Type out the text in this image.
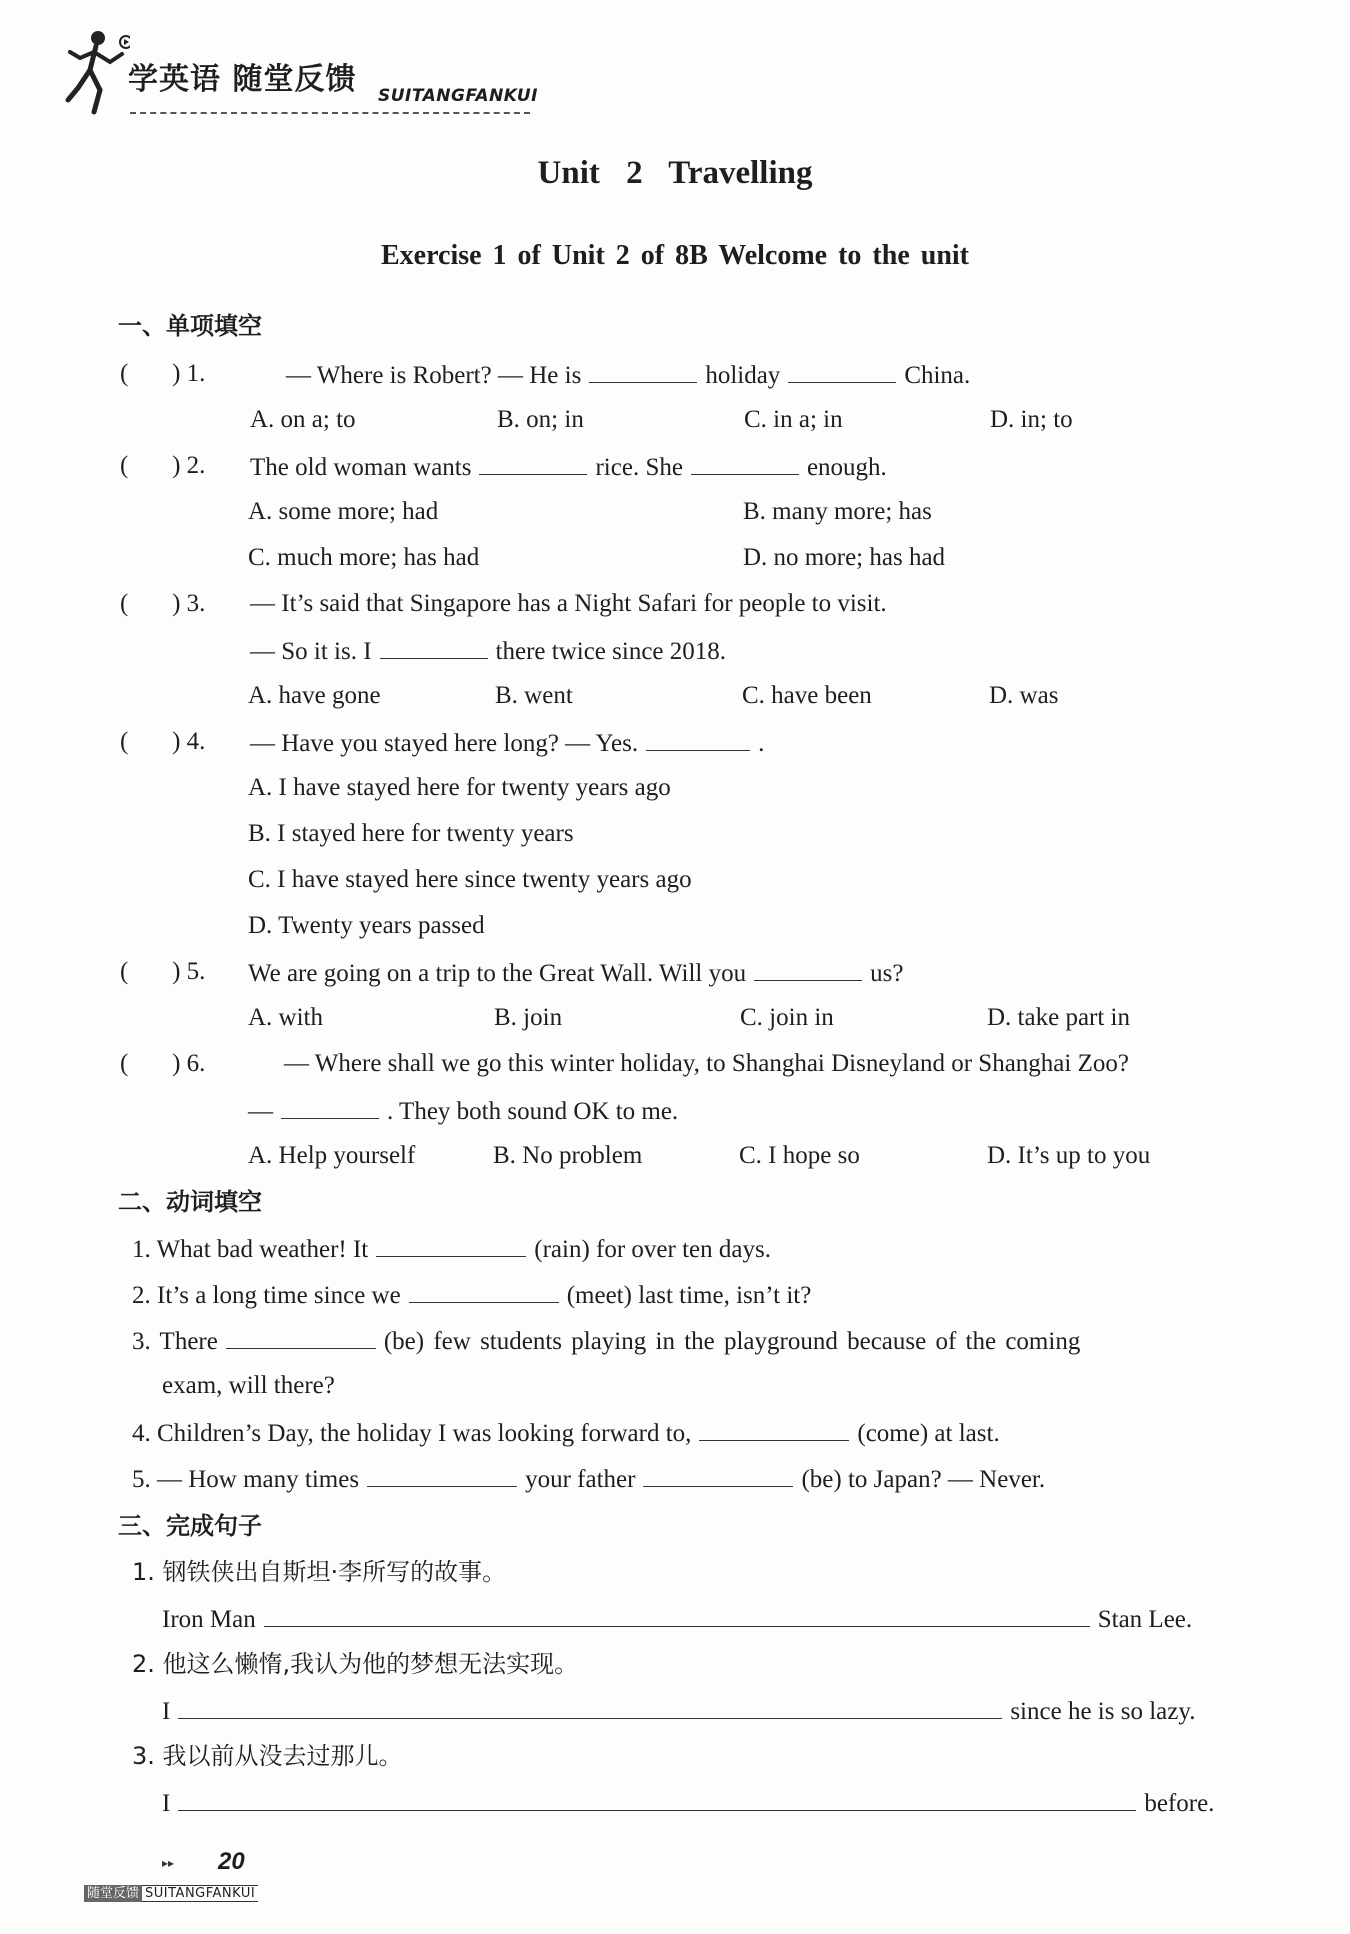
学英语 随堂反馈 SUITANGFANKUI
Unit 2 Travelling
Exercise 1 of Unit 2 of 8B Welcome to the unit
一、单项填空
(       ) 1.	— Where is Robert? — He is	holiday	China.
A. on a; to	B. on; in	C. in a; in	D. in; to
(       ) 2. The old woman wants	rice. She	enough.
A. some more; had	B. many more; has
C. much more; has had	D. no more; has had
(       ) 3. — It’s said that Singapore has a Night Safari for people to visit.
— So it is. I	there twice since 2018.
A. have gone	B. went	C. have been	D. was
(       ) 4. — Have you stayed here long? — Yes.	.
A. I have stayed here for twenty years ago
B. I stayed here for twenty years
C. I have stayed here since twenty years ago
D. Twenty years passed
(       ) 5. We are going on a trip to the Great Wall. Will you	us?
A. with	B. join	C. join in	D. take part in
(       ) 6.	— Where shall we go this winter holiday, to Shanghai Disneyland or Shanghai Zoo?
—	. They both sound OK to me.
A. Help yourself	B. No problem	C. I hope so	D. It’s up to you
二、动词填空
1. What bad weather! It	(rain) for over ten days.
2. It’s a long time since we	(meet) last time, isn’t it?
3. There	(be) few students playing in the playground because of the coming
exam, will there?
4. Children’s Day, the holiday I was looking forward to,	(come) at last.
5. — How many times	your father	(be) to Japan? — Never.
三、完成句子
1. 钢铁侠出自斯坦·李所写的故事。
Iron Man	Stan Lee.
2. 他这么懒惰,我认为他的梦想无法实现。
I	since he is so lazy.
3. 我以前从没去过那儿。
I	before.
▸▸ 20
随堂反馈 SUITANGFANKUI
